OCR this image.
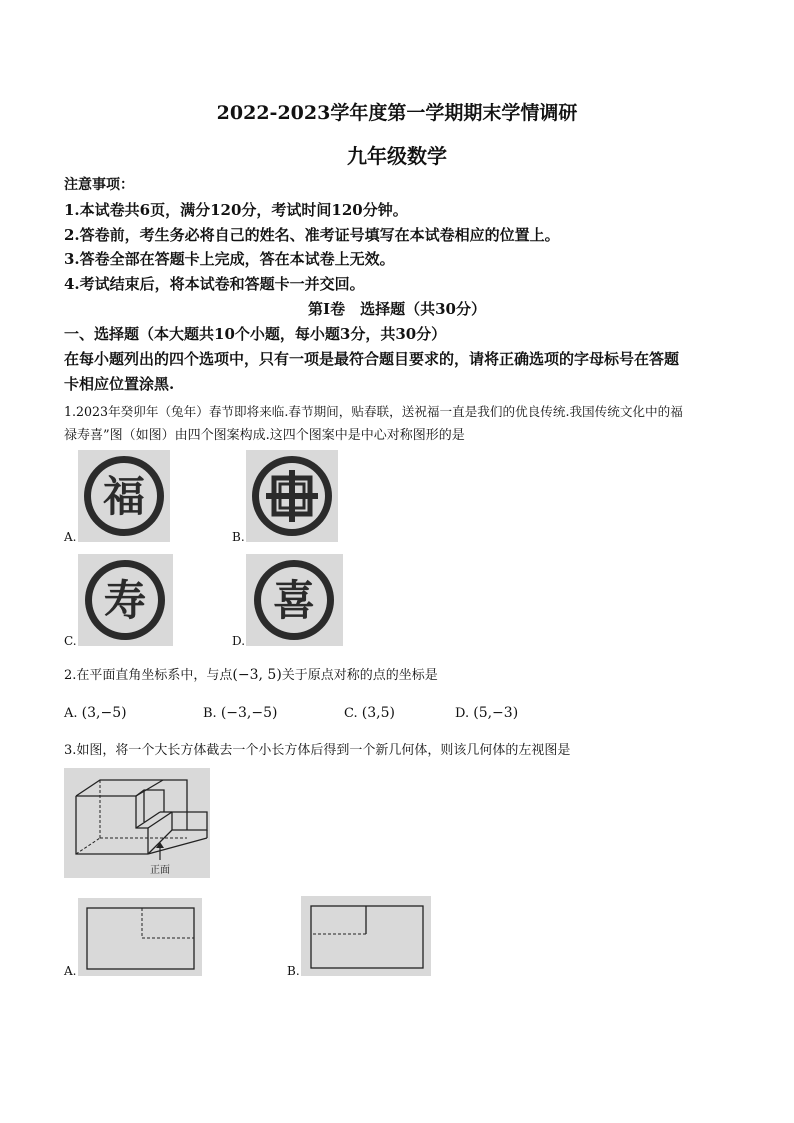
2022-2023学年度第一学期期末学情调研
九年级数学
注意事项：
1.本试卷共6页，满分120分，考试时间120分钟。
2.答卷前，考生务必将自己的姓名、准考证号填写在本试卷相应的位置上。
3.答卷全部在答题卡上完成，答在本试卷上无效。
4.考试结束后，将本试卷和答题卡一并交回。
第Ⅰ卷　选择题（共30分）
一、选择题（本大题共10个小题，每小题3分，共30分）
在每小题列出的四个选项中，只有一项是最符合题目要求的，请将正确选项的字母标号在答题
卡相应位置涂黑.
1.2023年癸卯年（兔年）春节即将来临.春节期间，贴春联，送祝福一直是我们的优良传统.我国传统文化中的福
禄寿喜”图（如图）由四个图案构成.这四个图案中是中心对称图形的是
A.
福
B.
C.
寿
D.
喜
2.在平面直角坐标系中，与点(−3, 5)关于原点对称的点的坐标是
A. (3,−5)	B. (−3,−5)	C. (3,5)	D. (5,−3)
3.如图，将一个大长方体截去一个小长方体后得到一个新几何体，则该几何体的左视图是
正面
A.	B.
